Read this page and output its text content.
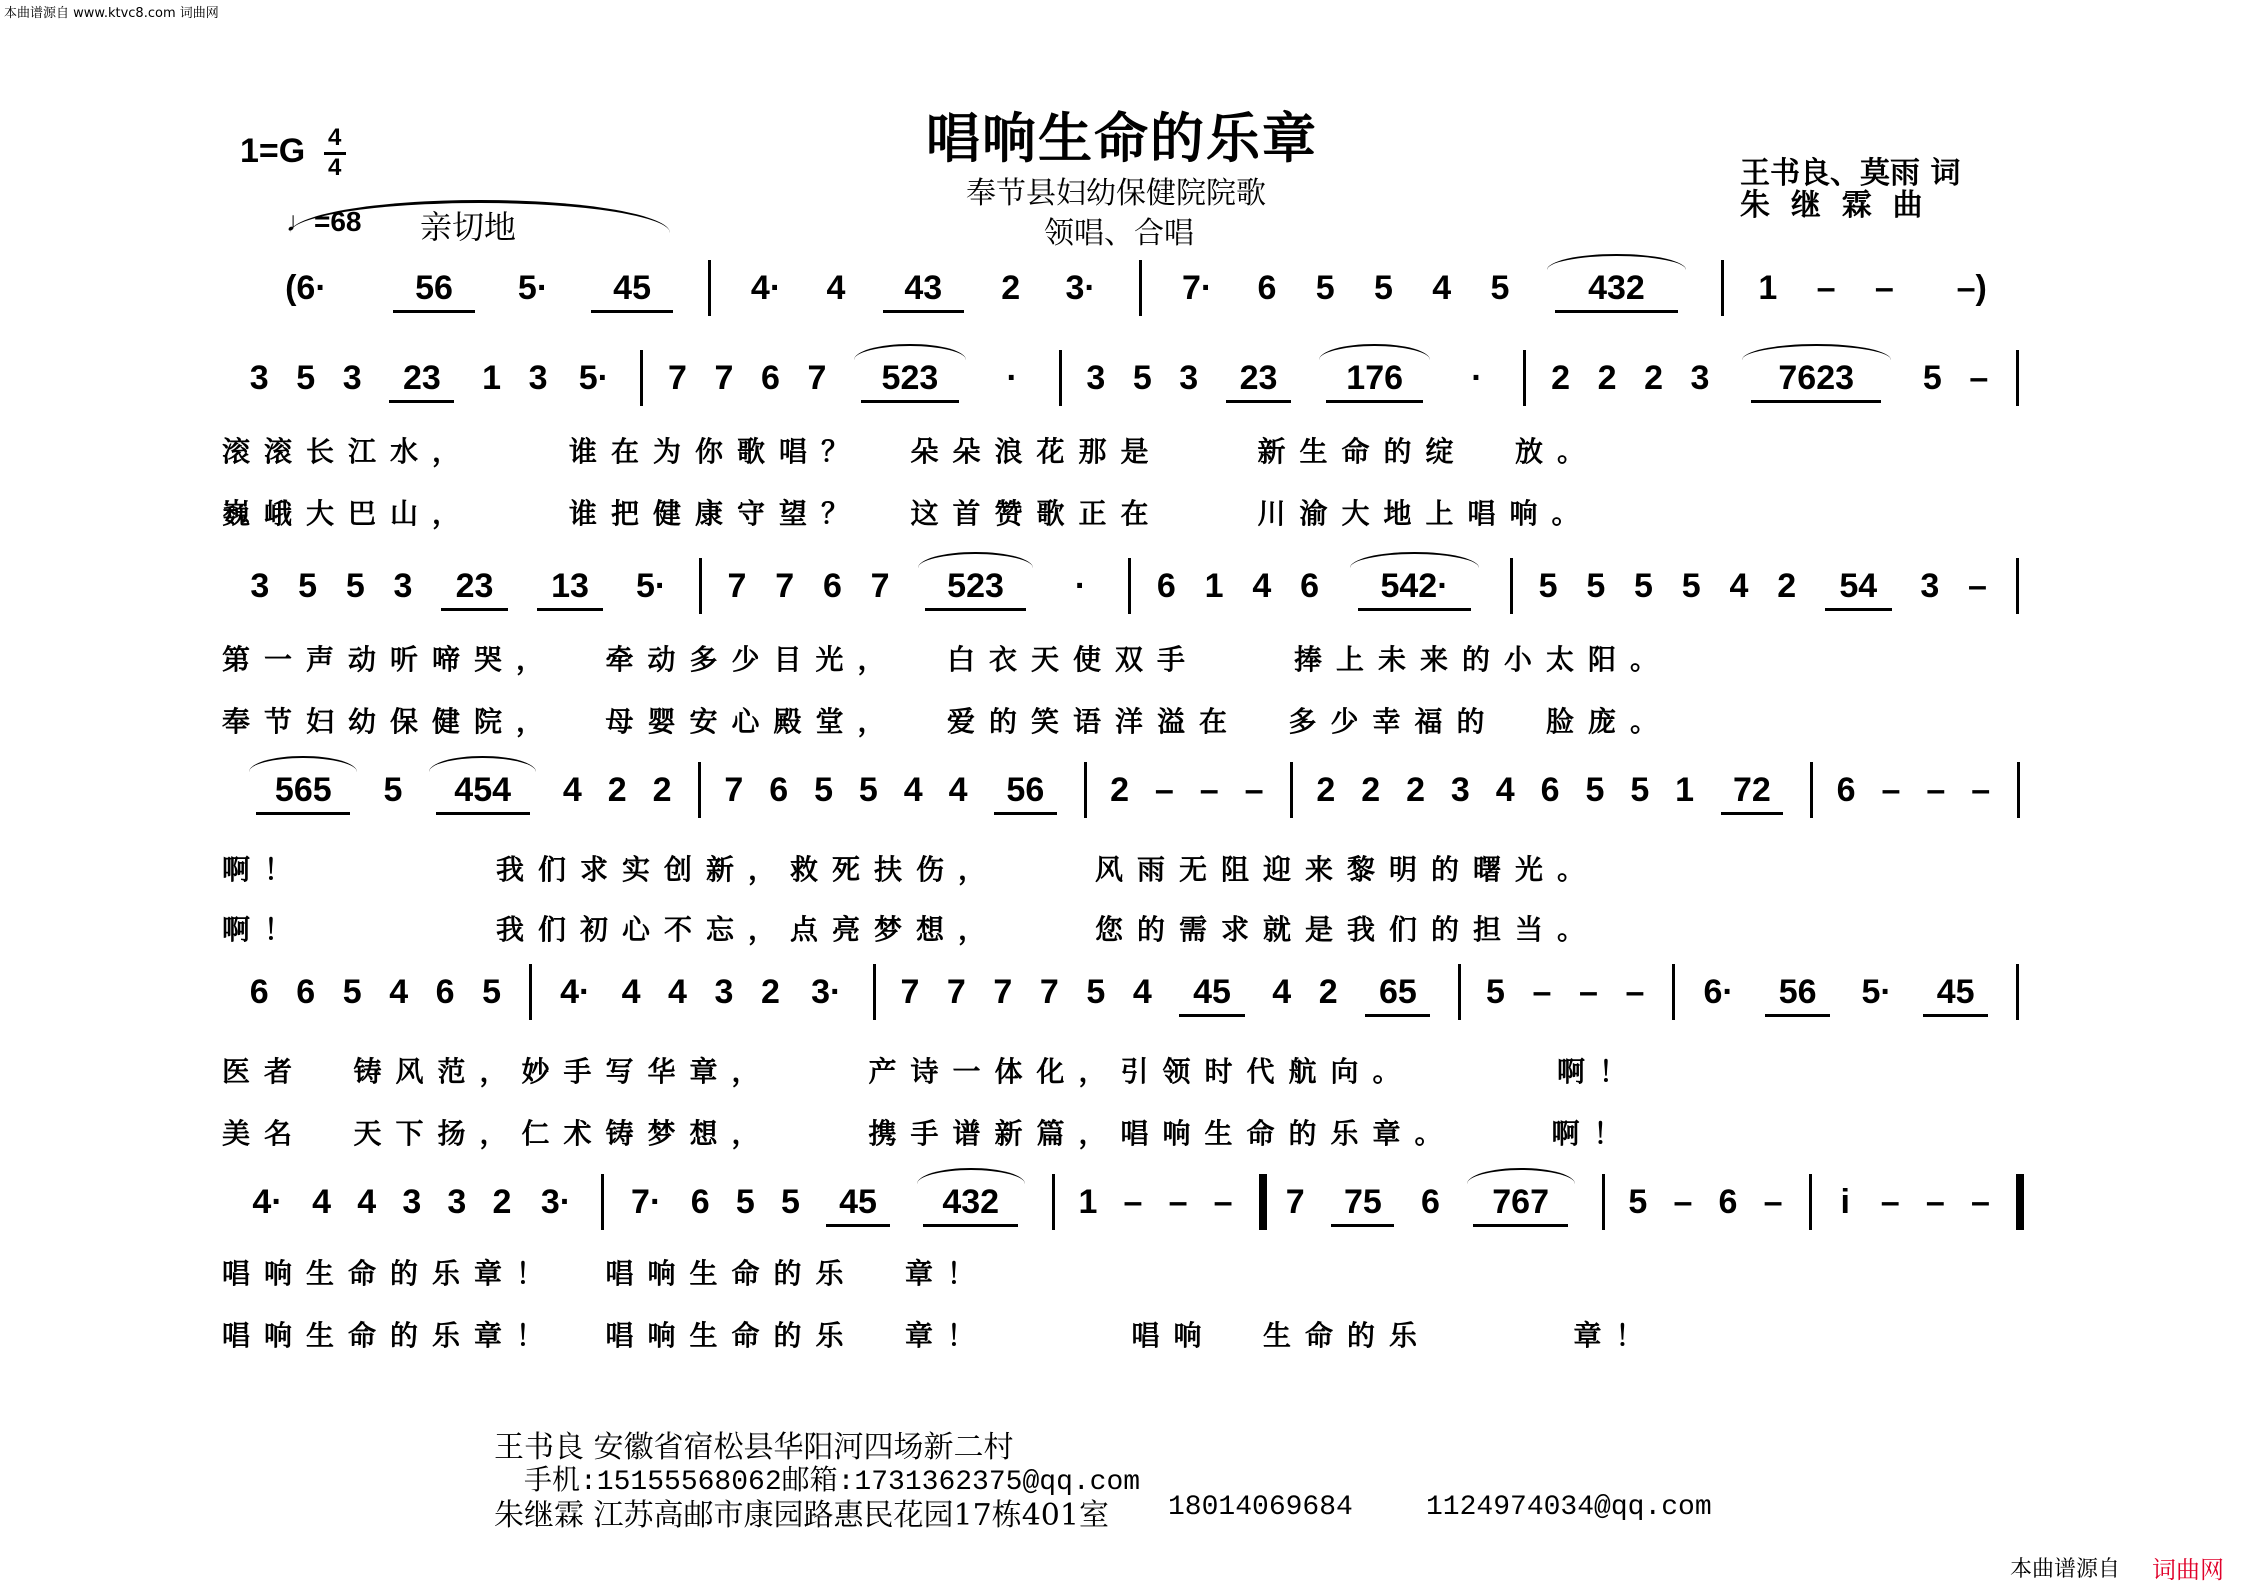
本曲谱源自 www.ktvc8.com 词曲网
本曲谱源自 词曲网
1=G 4
4
♩=68 亲切地
唱响生命的乐章
奉节县妇幼保健院院歌
领唱、合唱
王书良、莫雨 词
朱  继  霖  曲
(6·	56	5·	45	4·	4	43	2	3·	7·	6	5	5	4	5	432	1	–	–	–)
3 5 3	23	1 3 5·	7 7 6 7	523	·	3 5 3	23	176	·	2 2 2 3	7623	5 –
滚滚长江水，    谁在为你歌唱？  朵朵浪花那是    新生命的绽  放。
巍峨大巴山，    谁把健康守望？  这首赞歌正在    川渝大地上唱响。
3 5 5 3	23	13	5·	7 7 6 7	523	·	6 1 4 6	542·	5 5 5 5 4 2	54	3 –
第一声动听啼哭，  牵动多少目光，  白衣天使双手    捧上未来的小太阳。
奉节妇幼保健院，  母婴安心殿堂，  爱的笑语洋溢在  多少幸福的  脸庞。
565	5	454	4 2 2	7 6 5 5 4 4	56	2 – – –	2 2 2 3 4 6 5 5 1	72	6 – – –
啊！        我们求实创新，救死扶伤，    风雨无阻迎来黎明的曙光。
啊！        我们初心不忘，点亮梦想，    您的需求就是我们的担当。
6 6 5 4 6 5	4· 4 4 3 2 3·	7 7 7 7 5 4	45	4 2	65	5 – – –	6·	56	5·	45
医者  铸风范，妙手写华章，    产诗一体化，引领时代航向。      啊！
美名  天下扬，仁术铸梦想，    携手谱新篇，唱响生命的乐章。    啊！
4· 4 4 3 3 2 3·	7· 6 5 5	45	432	1 – – –	7	75	6	767	5 – 6 –	i – – –
唱响生命的乐章！  唱响生命的乐  章！
唱响生命的乐章！  唱响生命的乐  章！      唱响  生命的乐      章！
王书良 安徽省宿松县华阳河四场新二村
手机:15155568062邮箱:1731362375@qq.com
朱继霖 江苏高邮市康园路惠民花园17栋401室 18014069684	1124974034@qq.com
